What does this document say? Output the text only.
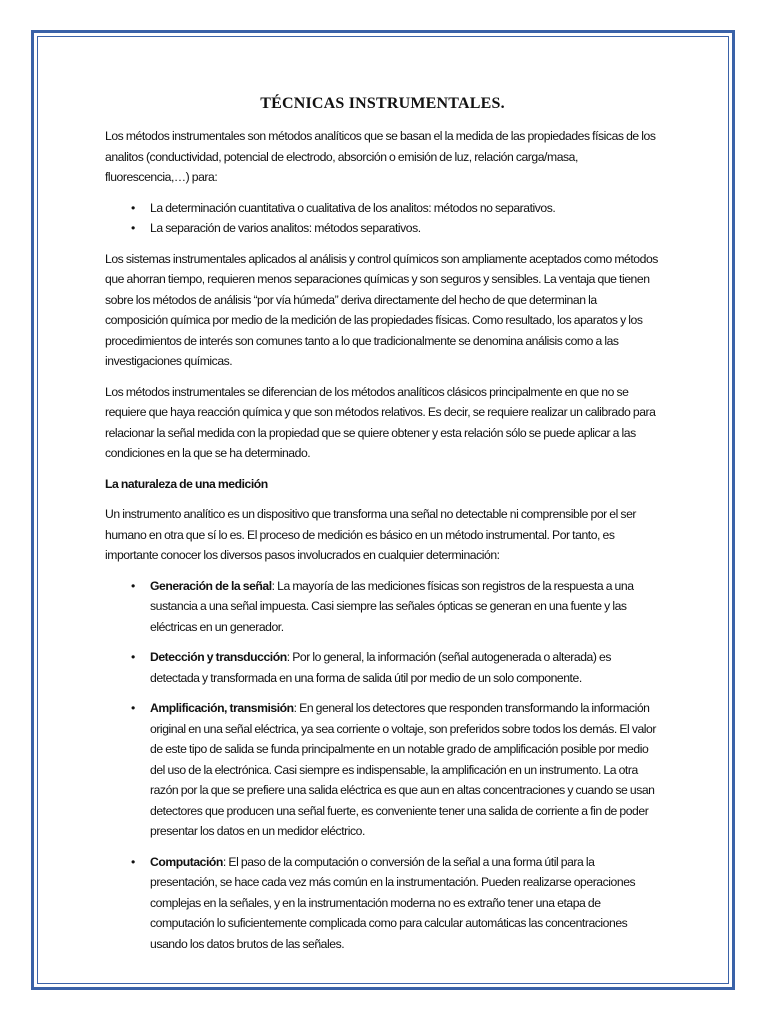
TÉCNICAS INSTRUMENTALES.

Los métodos instrumentales son métodos analíticos que se basan el la medida de las propiedades físicas de los analitos (conductividad, potencial de electrodo, absorción o emisión de luz, relación carga/masa, fluorescencia,…) para:

• La determinación cuantitativa o cualitativa de los analitos: métodos no separativos.
• La separación de varios analitos: métodos separativos.

Los sistemas instrumentales aplicados al análisis y control químicos son ampliamente aceptados como métodos que ahorran tiempo, requieren menos separaciones químicas y son seguros y sensibles. La ventaja que tienen sobre los métodos de análisis “por vía húmeda” deriva directamente del hecho de que determinan la composición química por medio de la medición de las propiedades físicas. Como resultado, los aparatos y los procedimientos de interés son comunes tanto a lo que tradicionalmente se denomina análisis como a las investigaciones químicas.

Los métodos instrumentales se diferencian de los métodos analíticos clásicos principalmente en que no se requiere que haya reacción química y que son métodos relativos. Es decir, se requiere realizar un calibrado para relacionar la señal medida con la propiedad que se quiere obtener y esta relación sólo se puede aplicar a las condiciones en la que se ha determinado.

La naturaleza de una medición

Un instrumento analítico es un dispositivo que transforma una señal no detectable ni comprensible por el ser humano en otra que sí lo es. El proceso de medición es básico en un método instrumental. Por tanto, es importante conocer los diversos pasos involucrados en cualquier determinación:

• Generación de la señal: La mayoría de las mediciones físicas son registros de la respuesta a una sustancia a una señal impuesta. Casi siempre las señales ópticas se generan en una fuente y las eléctricas en un generador.
• Detección y transducción: Por lo general, la información (señal autogenerada o alterada) es detectada y transformada en una forma de salida útil por medio de un solo componente.
• Amplificación, transmisión: En general los detectores que responden transformando la información original en una señal eléctrica, ya sea corriente o voltaje, son preferidos sobre todos los demás. El valor de este tipo de salida se funda principalmente en un notable grado de amplificación posible por medio del uso de la electrónica. Casi siempre es indispensable, la amplificación en un instrumento. La otra razón por la que se prefiere una salida eléctrica es que aun en altas concentraciones y cuando se usan detectores que producen una señal fuerte, es conveniente tener una salida de corriente a fin de poder presentar los datos en un medidor eléctrico.
• Computación: El paso de la computación o conversión de la señal a una forma útil para la presentación, se hace cada vez más común en la instrumentación. Pueden realizarse operaciones complejas en la señales, y en la instrumentación moderna no es extraño tener una etapa de computación lo suficientemente complicada como para calcular automáticas las concentraciones usando los datos brutos de las señales.
